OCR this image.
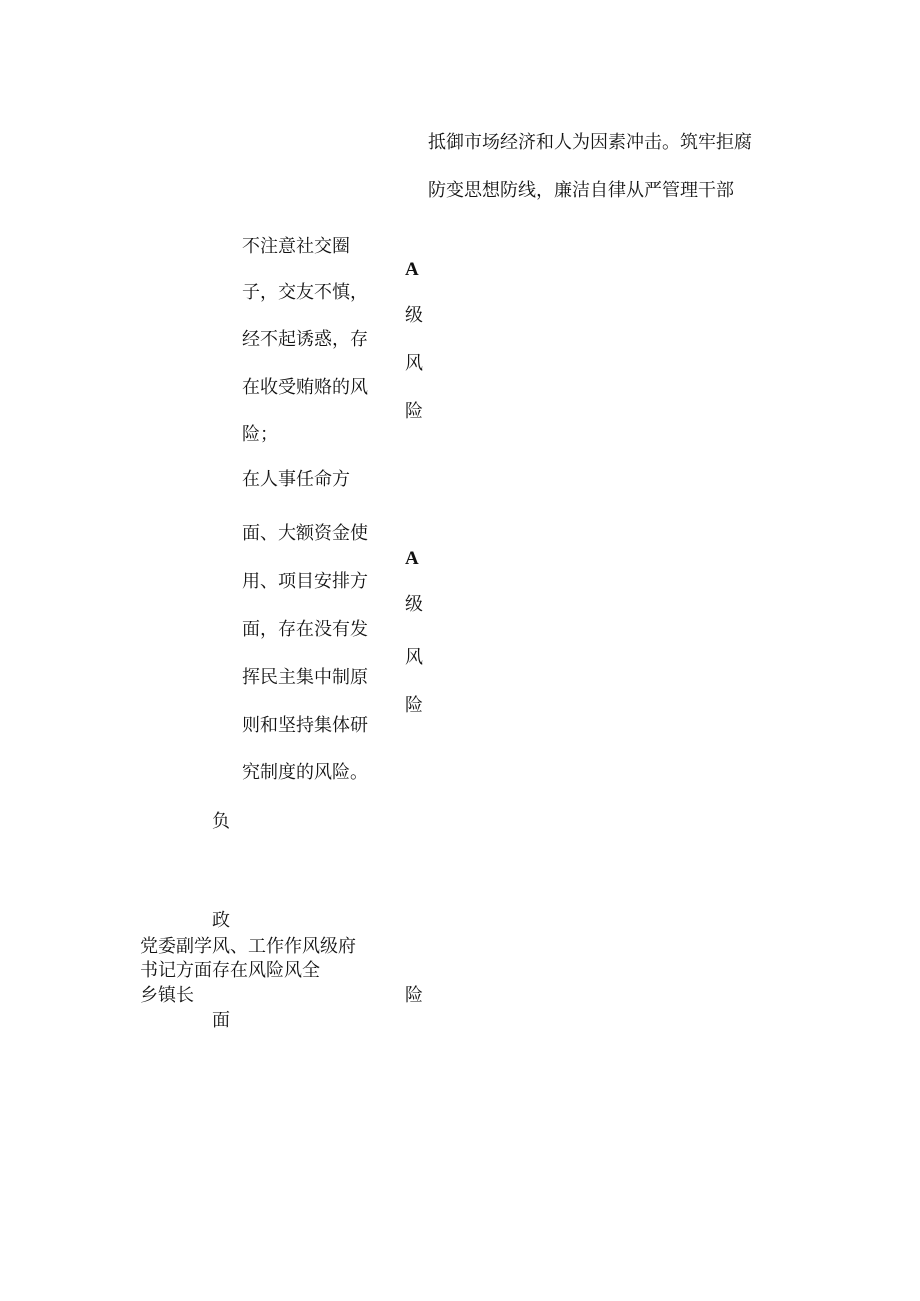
抵御市场经济和人为因素冲击。筑牢拒腐
防变思想防线，廉洁自律从严管理干部
不注意社交圈
子，交友不慎，
经不起诱惑，存
在收受贿赂的风
险；
A
级
风
险
在人事任命方
面、大额资金使
用、项目安排方
面，存在没有发
挥民主集中制原
则和坚持集体研
究制度的风险。
A
级
风
险
负
政
党委副学风、工作作风级府
书记方面存在风险风全
乡镇长	险
面
